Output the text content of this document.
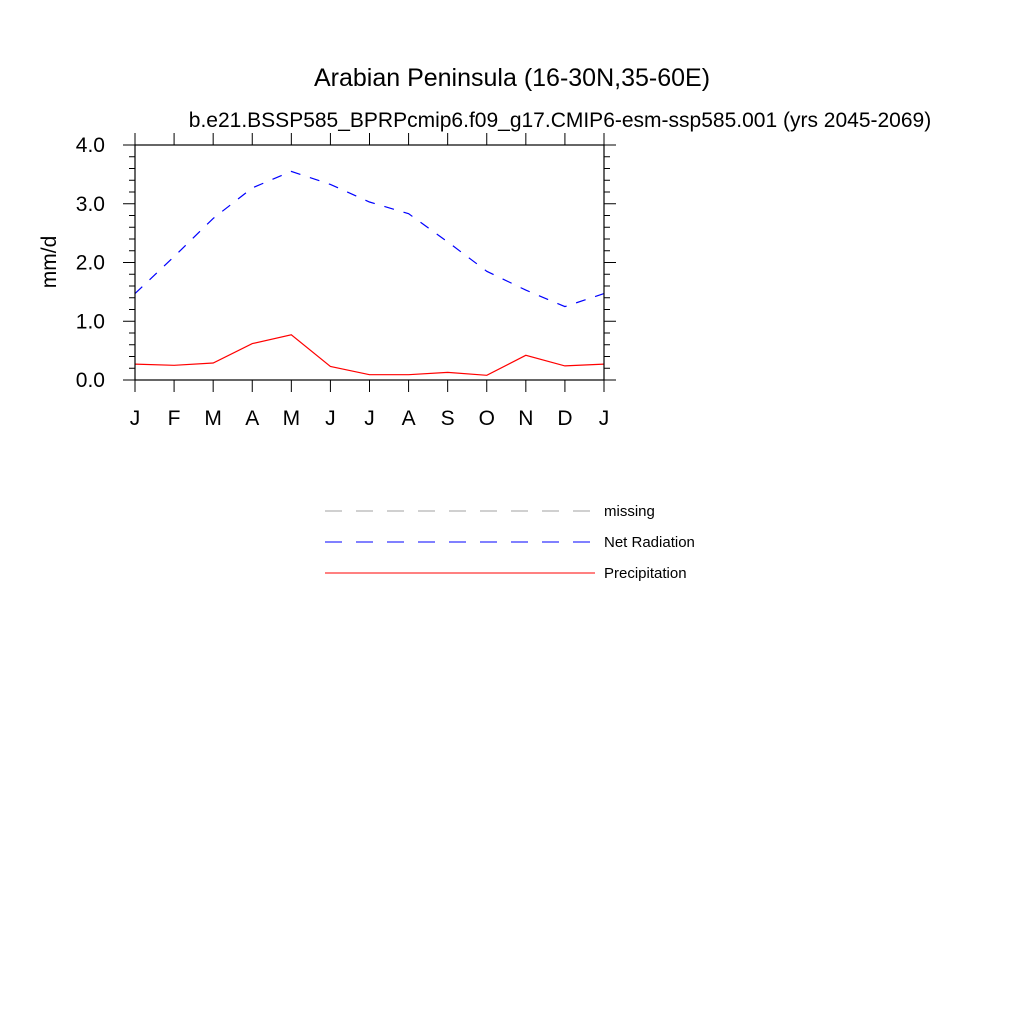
Arabian Peninsula (16-30N,35-60E)
b.e21.BSSP585_BPRPcmip6.f09_g17.CMIP6-esm-ssp585.001 (yrs 2045-2069)
mm/d
0.0
1.0
2.0
3.0
4.0
J F M A M J J A S O N D J
missing
Net Radiation
Precipitation
